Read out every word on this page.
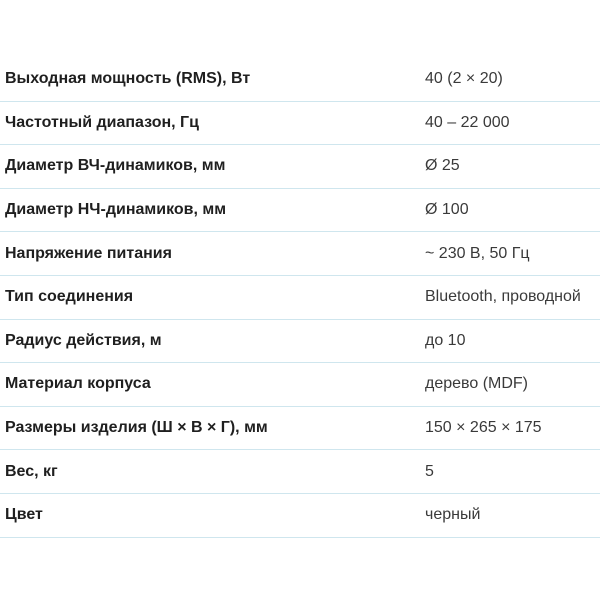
Выходная мощность (RMS), Вт	40 (2 × 20)
Частотный диапазон, Гц	40 – 22 000
Диаметр ВЧ-динамиков, мм	Ø 25
Диаметр НЧ-динамиков, мм	Ø 100
Напряжение питания	~ 230 В, 50 Гц
Тип соединения	Bluetooth, проводной
Радиус действия, м	до 10
Материал корпуса	дерево (MDF)
Размеры изделия (Ш × В × Г), мм	150 × 265 × 175
Вес, кг	5
Цвет	черный
